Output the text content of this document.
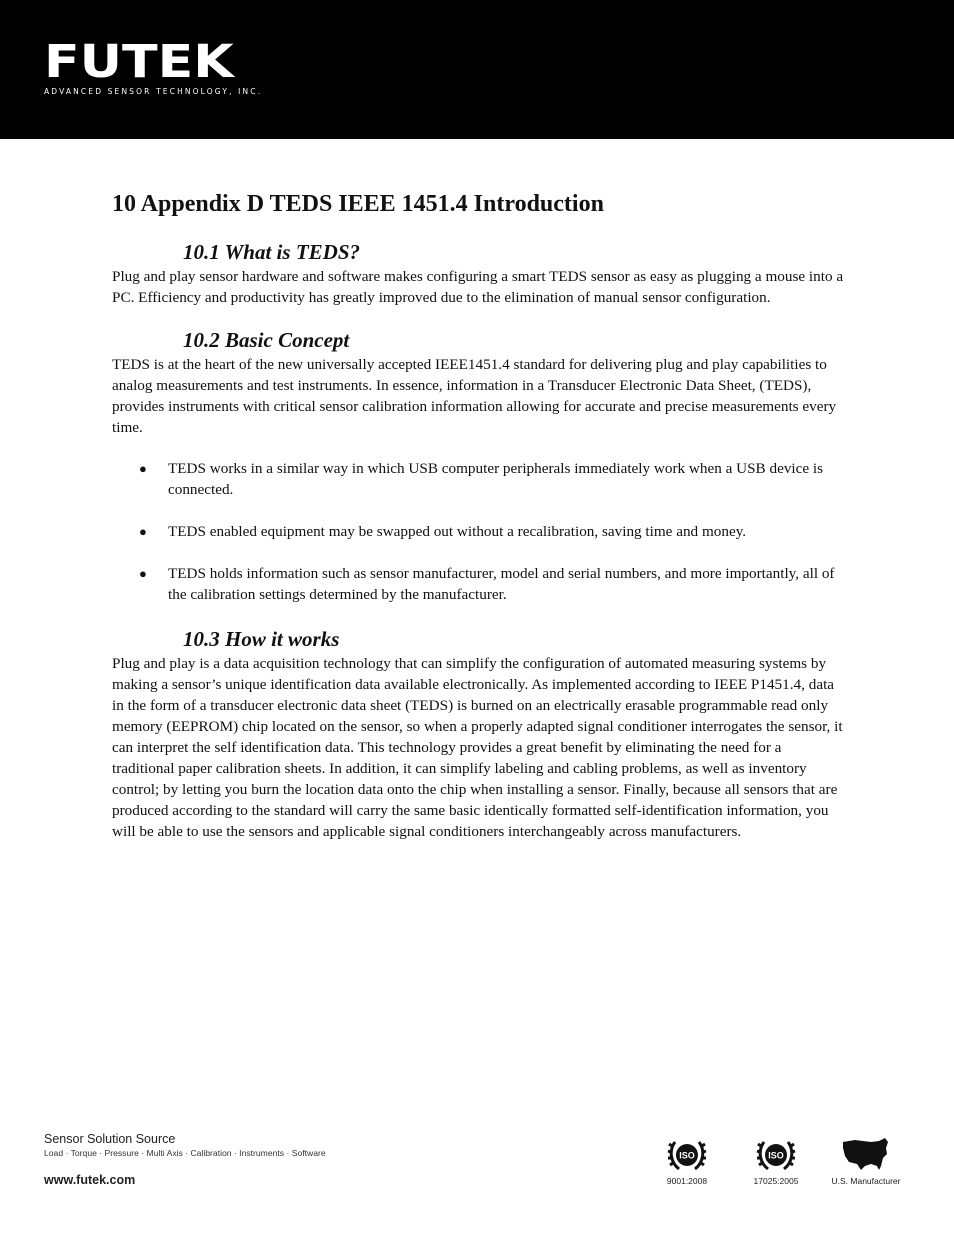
FUTEK
ADVANCED SENSOR TECHNOLOGY, INC.
10 Appendix D TEDS IEEE 1451.4 Introduction
10.1 What is TEDS?

Plug and play sensor hardware and software makes configuring a smart TEDS sensor as easy as plugging a mouse into a PC. Efficiency and productivity has greatly improved due to the elimination of manual sensor configuration.

10.2 Basic Concept

TEDS is at the heart of the new universally accepted IEEE1451.4 standard for delivering plug and play capabilities to analog measurements and test instruments. In essence, information in a Transducer Electronic Data Sheet, (TEDS), provides instruments with critical sensor calibration information allowing for accurate and precise measurements every time.

● TEDS works in a similar way in which USB computer peripherals immediately work when a USB device is connected.
● TEDS enabled equipment may be swapped out without a recalibration, saving time and money.
● TEDS holds information such as sensor manufacturer, model and serial numbers, and more importantly, all of the calibration settings determined by the manufacturer.
10.3 How it works

Plug and play is a data acquisition technology that can simplify the configuration of automated measuring systems by making a sensor’s unique identification data available electronically. As implemented according to IEEE P1451.4, data in the form of a transducer electronic data sheet (TEDS) is burned on an electrically erasable programmable read only memory (EEPROM) chip located on the sensor, so when a properly adapted signal conditioner interrogates the sensor, it can interpret the self identification data. This technology provides a great benefit by eliminating the need for a traditional paper calibration sheets. In addition, it can simplify labeling and cabling problems, as well as inventory control; by letting you burn the location data onto the chip when installing a sensor. Finally, because all sensors that are produced according to the standard will carry the same basic identically formatted self-identification information, you will be able to use the sensors and applicable signal conditioners interchangeably across manufacturers.

Sensor Solution Source
Load · Torque · Pressure · Multi Axis · Calibration · Instruments · Software
www.futek.com
ISO
9001:2008
ISO
17025:2005	U.S. Manufacturer
